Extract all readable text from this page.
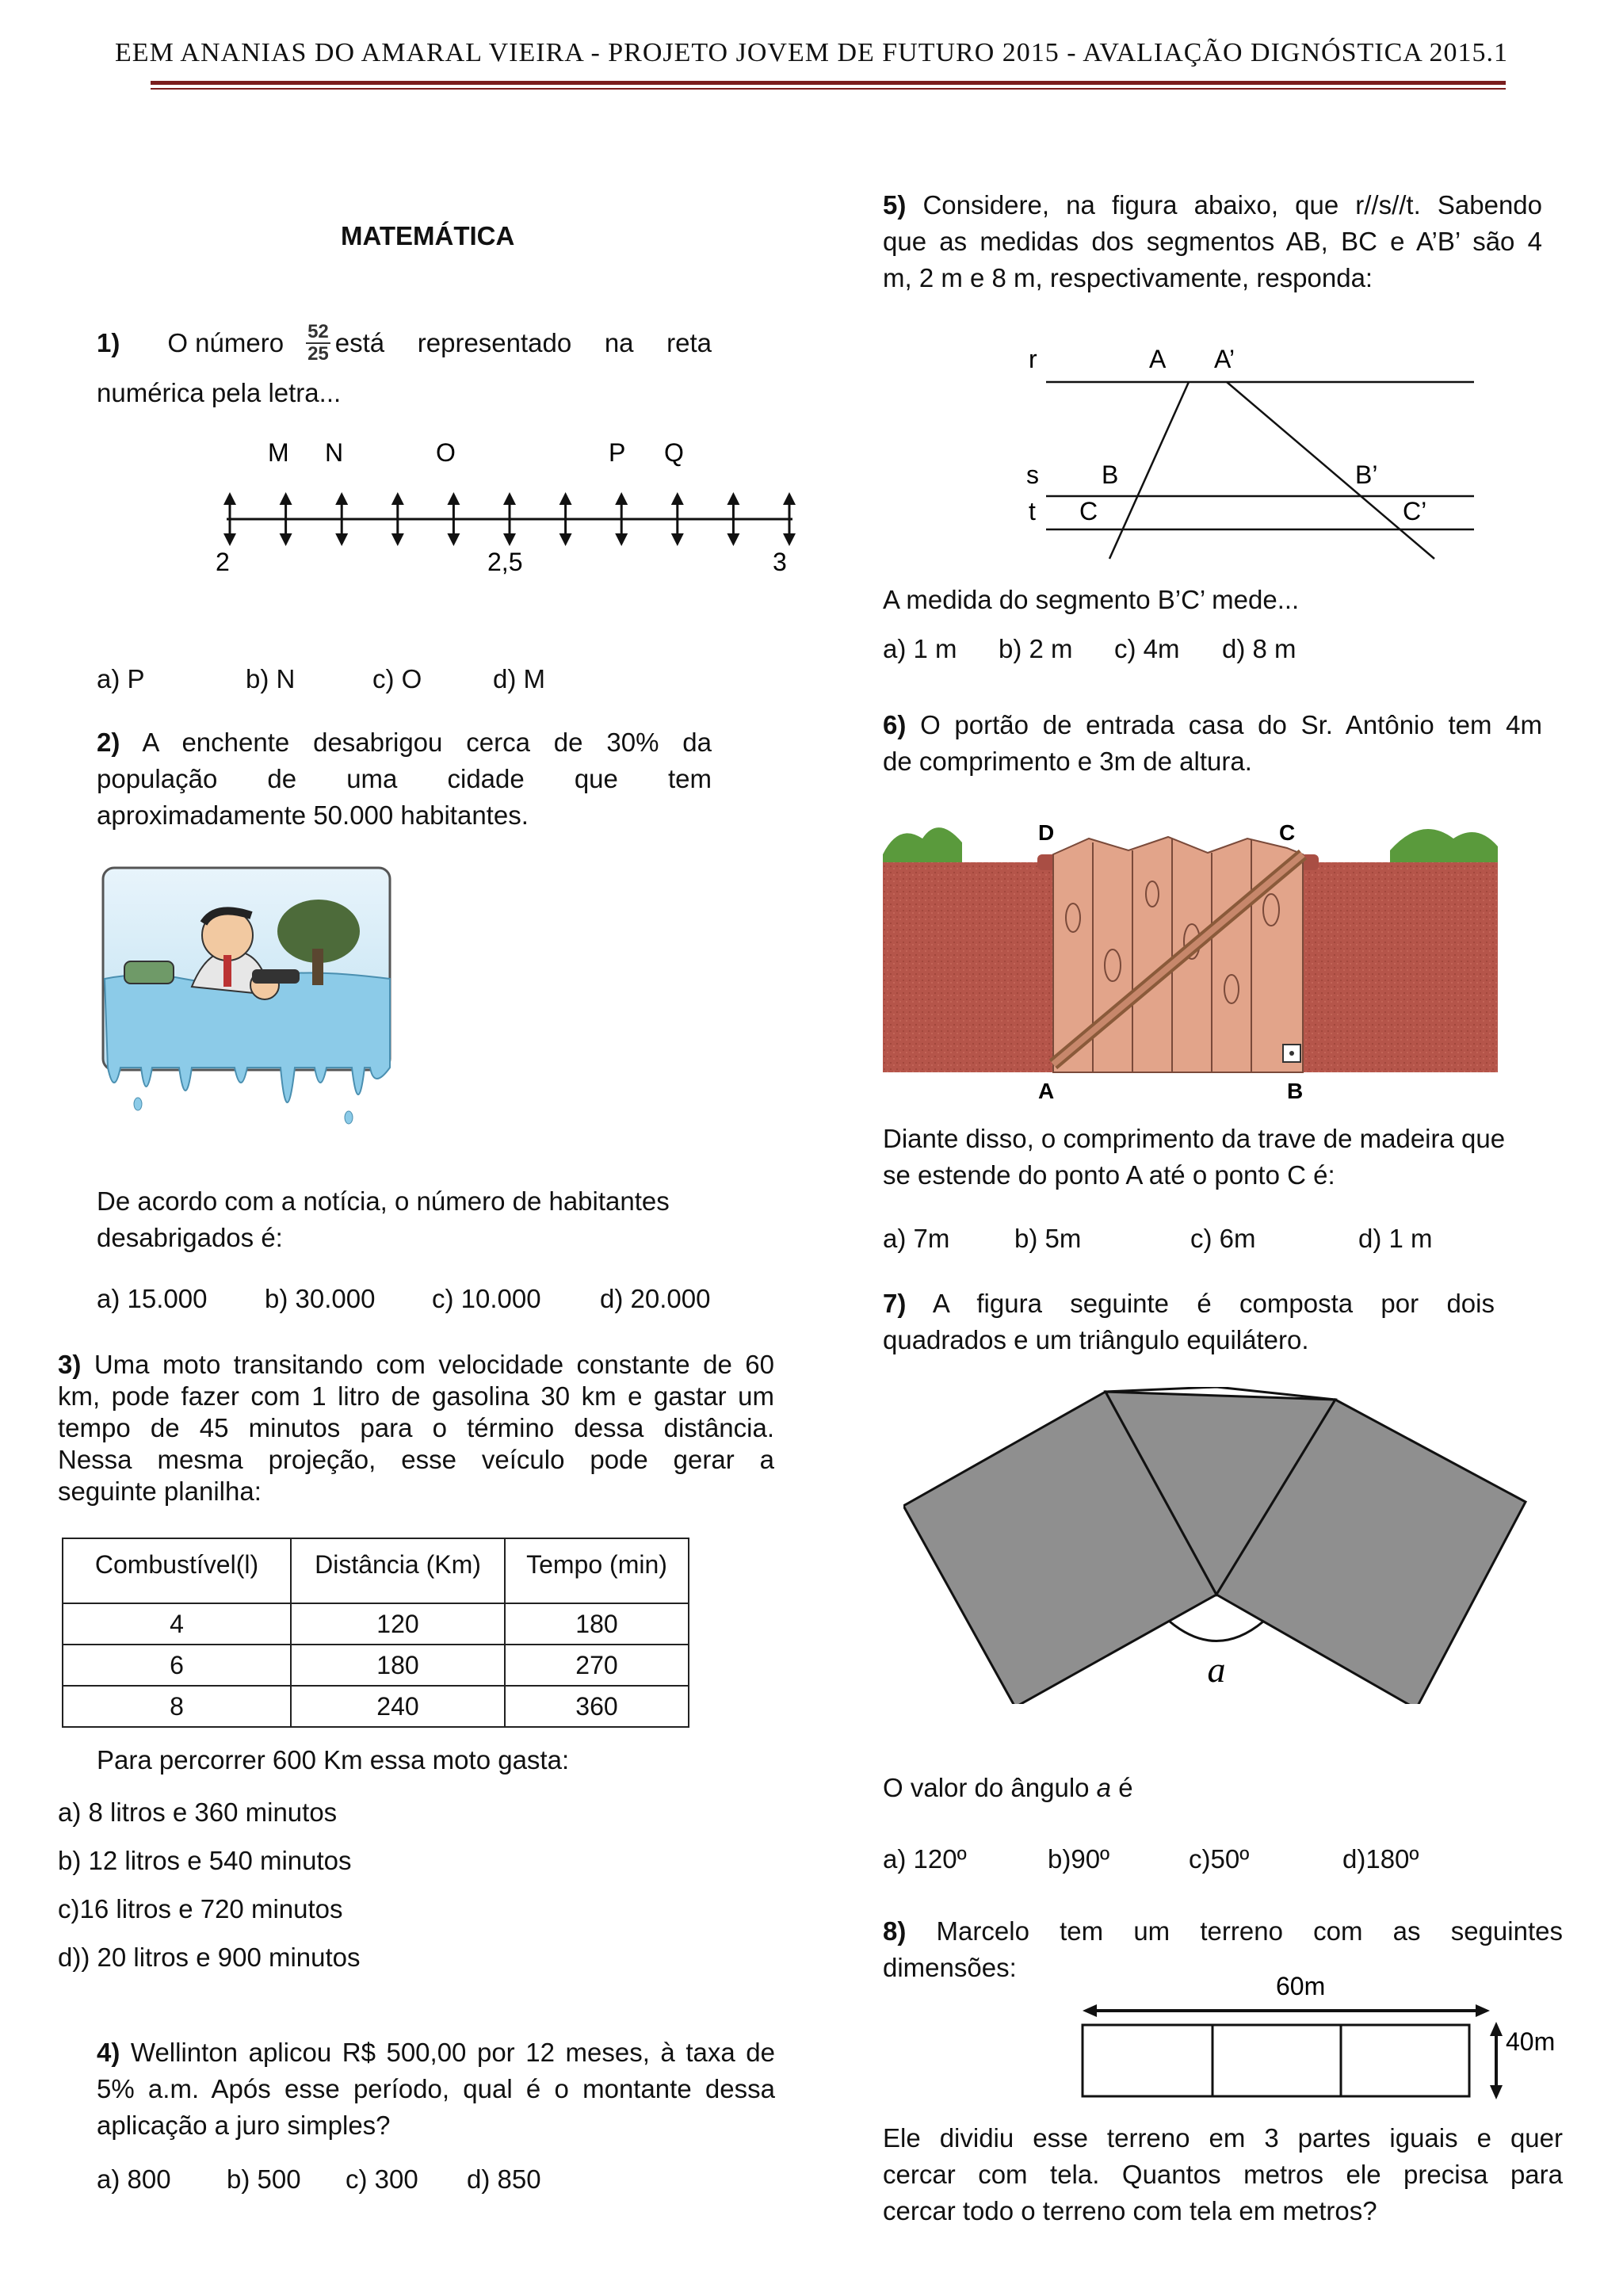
EEM ANANIAS DO AMARAL VIEIRA - PROJETO JOVEM DE FUTURO 2015 - AVALIAÇÃO DIGNÓSTICA 2015.1
MATEMÁTICA
1) O número $\frac{52}{25}$ está representado na reta
numérica pela letra...
M N	O	P Q
2	2,5	3
a) P	b) N	c) O	d) M
2) A enchente desabrigou cerca de 30% da
população de uma cidade que tem
aproximadamente 50.000 habitantes.
De acordo com a notícia, o número de habitantes
desabrigados é:
a) 15.000 b) 30.000 c) 10.000 d) 20.000
3) Uma moto transitando com velocidade constante de 60
km, pode fazer com 1 litro de gasolina 30 km e gastar um
tempo de 45 minutos para o término dessa distância.
Nessa mesma projeção, esse veículo pode gerar a
seguinte planilha:
Combustível(l)	Distância (Km)	Tempo (min)
4	120	180
6	180	270
8	240	360
Para percorrer 600 Km essa moto gasta:
a) 8 litros e 360 minutos
b) 12 litros e 540 minutos
c)16 litros e 720 minutos
d)) 20 litros e 900 minutos
4) Wellinton aplicou R$ 500,00 por 12 meses, à taxa de
5% a.m. Após esse período, qual é o montante dessa
aplicação a juro simples?
a) 800 b) 500 c) 300 d) 850
5) Considere, na figura abaixo, que r//s//t. Sabendo
que as medidas dos segmentos AB, BC e A’B’ são 4
m, 2 m e 8 m, respectivamente, responda:
r	A A’
s B	B’
t C	C’
A medida do segmento B’C’ mede...
a) 1 m b) 2 m c) 4m d) 8 m
6) O portão de entrada casa do Sr. Antônio tem 4m
de comprimento e 3m de altura.
D	C
A	B
Diante disso, o comprimento da trave de madeira que
se estende do ponto A até o ponto C é:
a) 7m b) 5m	c) 6m	d) 1 m
7) A figura seguinte é composta por dois
quadrados e um triângulo equilátero.
a
O valor do ângulo a é
a) 120º	b)90º	c)50º	d)180º
8) Marcelo tem um terreno com as seguintes
dimensões:
60m
40m
Ele dividiu esse terreno em 3 partes iguais e quer
cercar com tela. Quantos metros ele precisa para
cercar todo o terreno com tela em metros?
